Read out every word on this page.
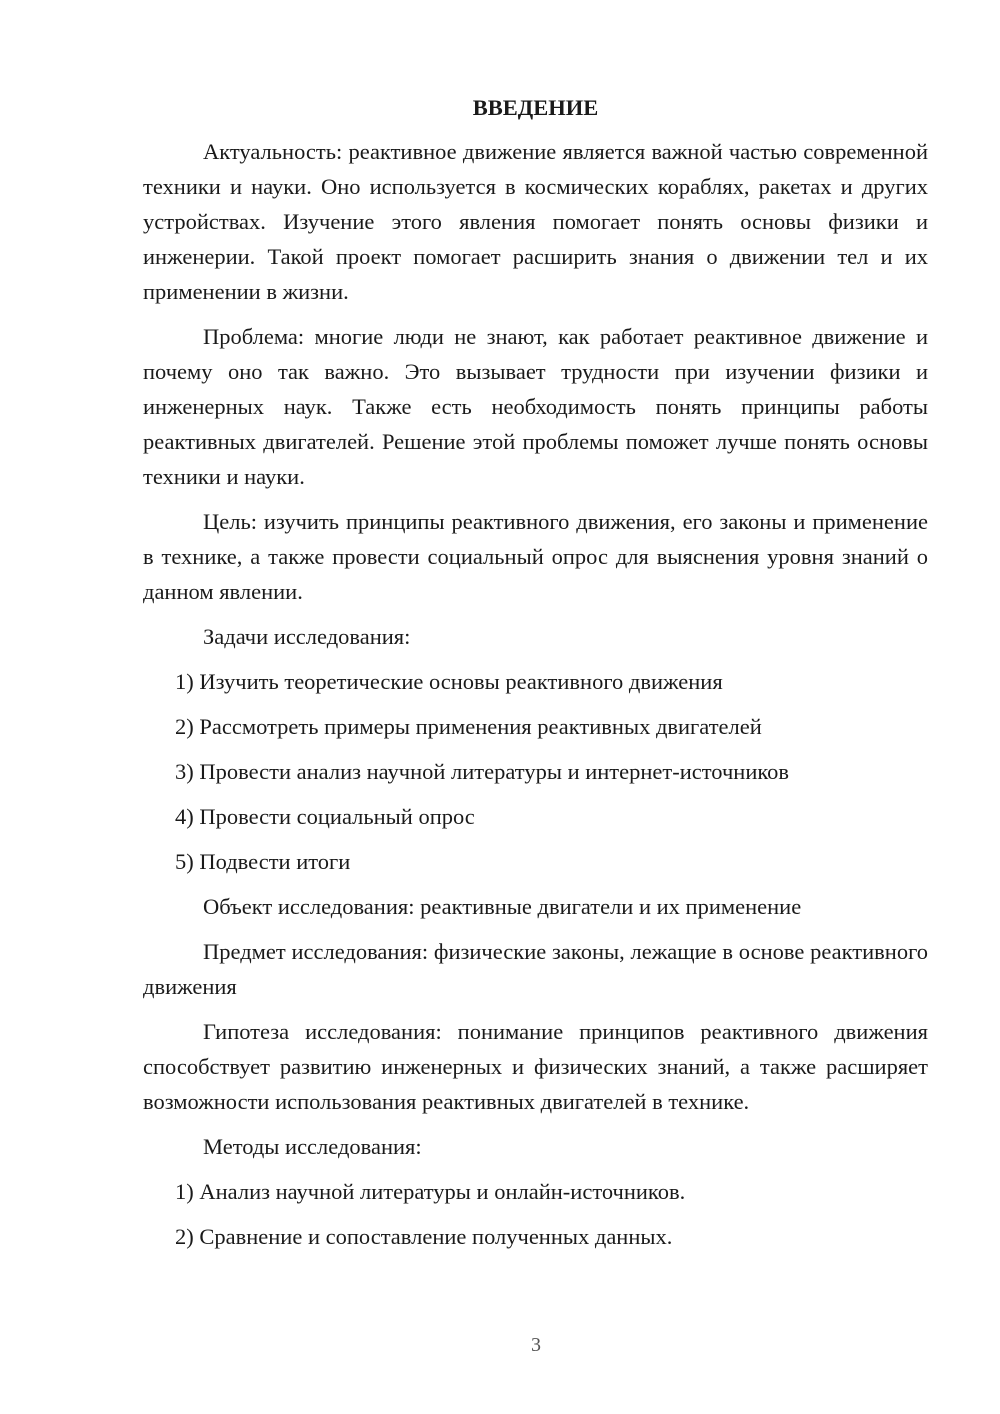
ВВЕДЕНИЕ

Актуальность: реактивное движение является важной частью современной техники и науки. Оно используется в космических кораблях, ракетах и других устройствах. Изучение этого явления помогает понять основы физики и инженерии. Такой проект помогает расширить знания о движении тел и их применении в жизни.

Проблема: многие люди не знают, как работает реактивное движение и почему оно так важно. Это вызывает трудности при изучении физики и инженерных наук. Также есть необходимость понять принципы работы реактивных двигателей. Решение этой проблемы поможет лучше понять основы техники и науки.

Цель: изучить принципы реактивного движения, его законы и применение в технике, а также провести социальный опрос для выяснения уровня знаний о данном явлении.

Задачи исследования:

1) Изучить теоретические основы реактивного движения
2) Рассмотреть примеры применения реактивных двигателей
3) Провести анализ научной литературы и интернет-источников
4) Провести социальный опрос
5) Подвести итоги

Объект исследования: реактивные двигатели и их применение

Предмет исследования: физические законы, лежащие в основе реактивного движения

Гипотеза исследования: понимание принципов реактивного движения способствует развитию инженерных и физических знаний, а также расширяет возможности использования реактивных двигателей в технике.

Методы исследования:

1) Анализ научной литературы и онлайн-источников.
2) Сравнение и сопоставление полученных данных.
3
